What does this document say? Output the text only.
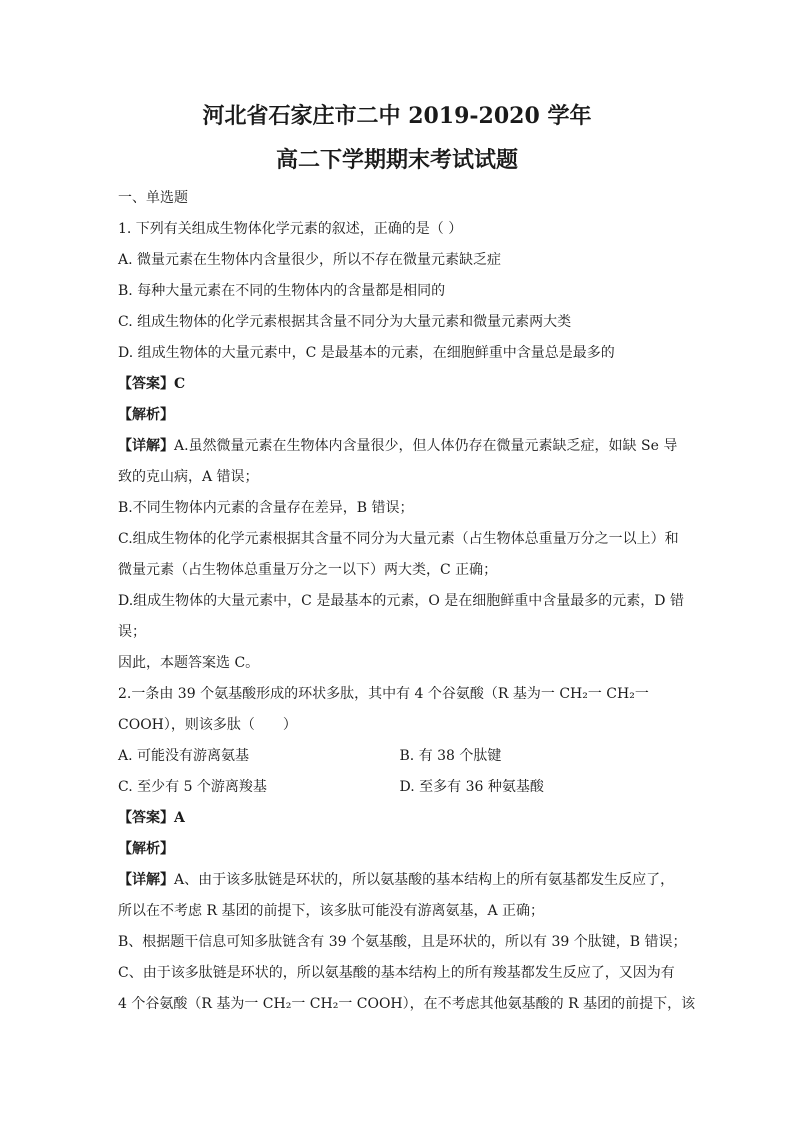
河北省石家庄市二中 2019-2020 学年
高二下学期期末考试试题

一、单选题

1. 下列有关组成生物体化学元素的叙述，正确的是（ ）

A. 微量元素在生物体内含量很少，所以不存在微量元素缺乏症

B. 每种大量元素在不同的生物体内的含量都是相同的

C. 组成生物体的化学元素根据其含量不同分为大量元素和微量元素两大类

D. 组成生物体的大量元素中，C 是最基本的元素，在细胞鲜重中含量总是最多的

【答案】C

【解析】

【详解】A.虽然微量元素在生物体内含量很少，但人体仍存在微量元素缺乏症，如缺 Se 导

致的克山病，A 错误；

B.不同生物体内元素的含量存在差异，B 错误；

C.组成生物体的化学元素根据其含量不同分为大量元素（占生物体总重量万分之一以上）和

微量元素（占生物体总重量万分之一以下）两大类，C 正确；

D.组成生物体的大量元素中，C 是最基本的元素，O 是在细胞鲜重中含量最多的元素，D 错

误；

因此，本题答案选 C。

2.一条由 39 个氨基酸形成的环状多肽，其中有 4 个谷氨酸（R 基为一 CH₂一 CH₂一

COOH），则该多肽（　　）

A. 可能没有游离氨基	B. 有 38 个肽键
C. 至少有 5 个游离羧基	D. 至多有 36 种氨基酸

【答案】A

【解析】

【详解】A、由于该多肽链是环状的，所以氨基酸的基本结构上的所有氨基都发生反应了，

所以在不考虑 R 基团的前提下，该多肽可能没有游离氨基，A 正确；

B、根据题干信息可知多肽链含有 39 个氨基酸，且是环状的，所以有 39 个肽键，B 错误；

C、由于该多肽链是环状的，所以氨基酸的基本结构上的所有羧基都发生反应了，又因为有

4 个谷氨酸（R 基为一 CH₂一 CH₂一 COOH），在不考虑其他氨基酸的 R 基团的前提下，该
